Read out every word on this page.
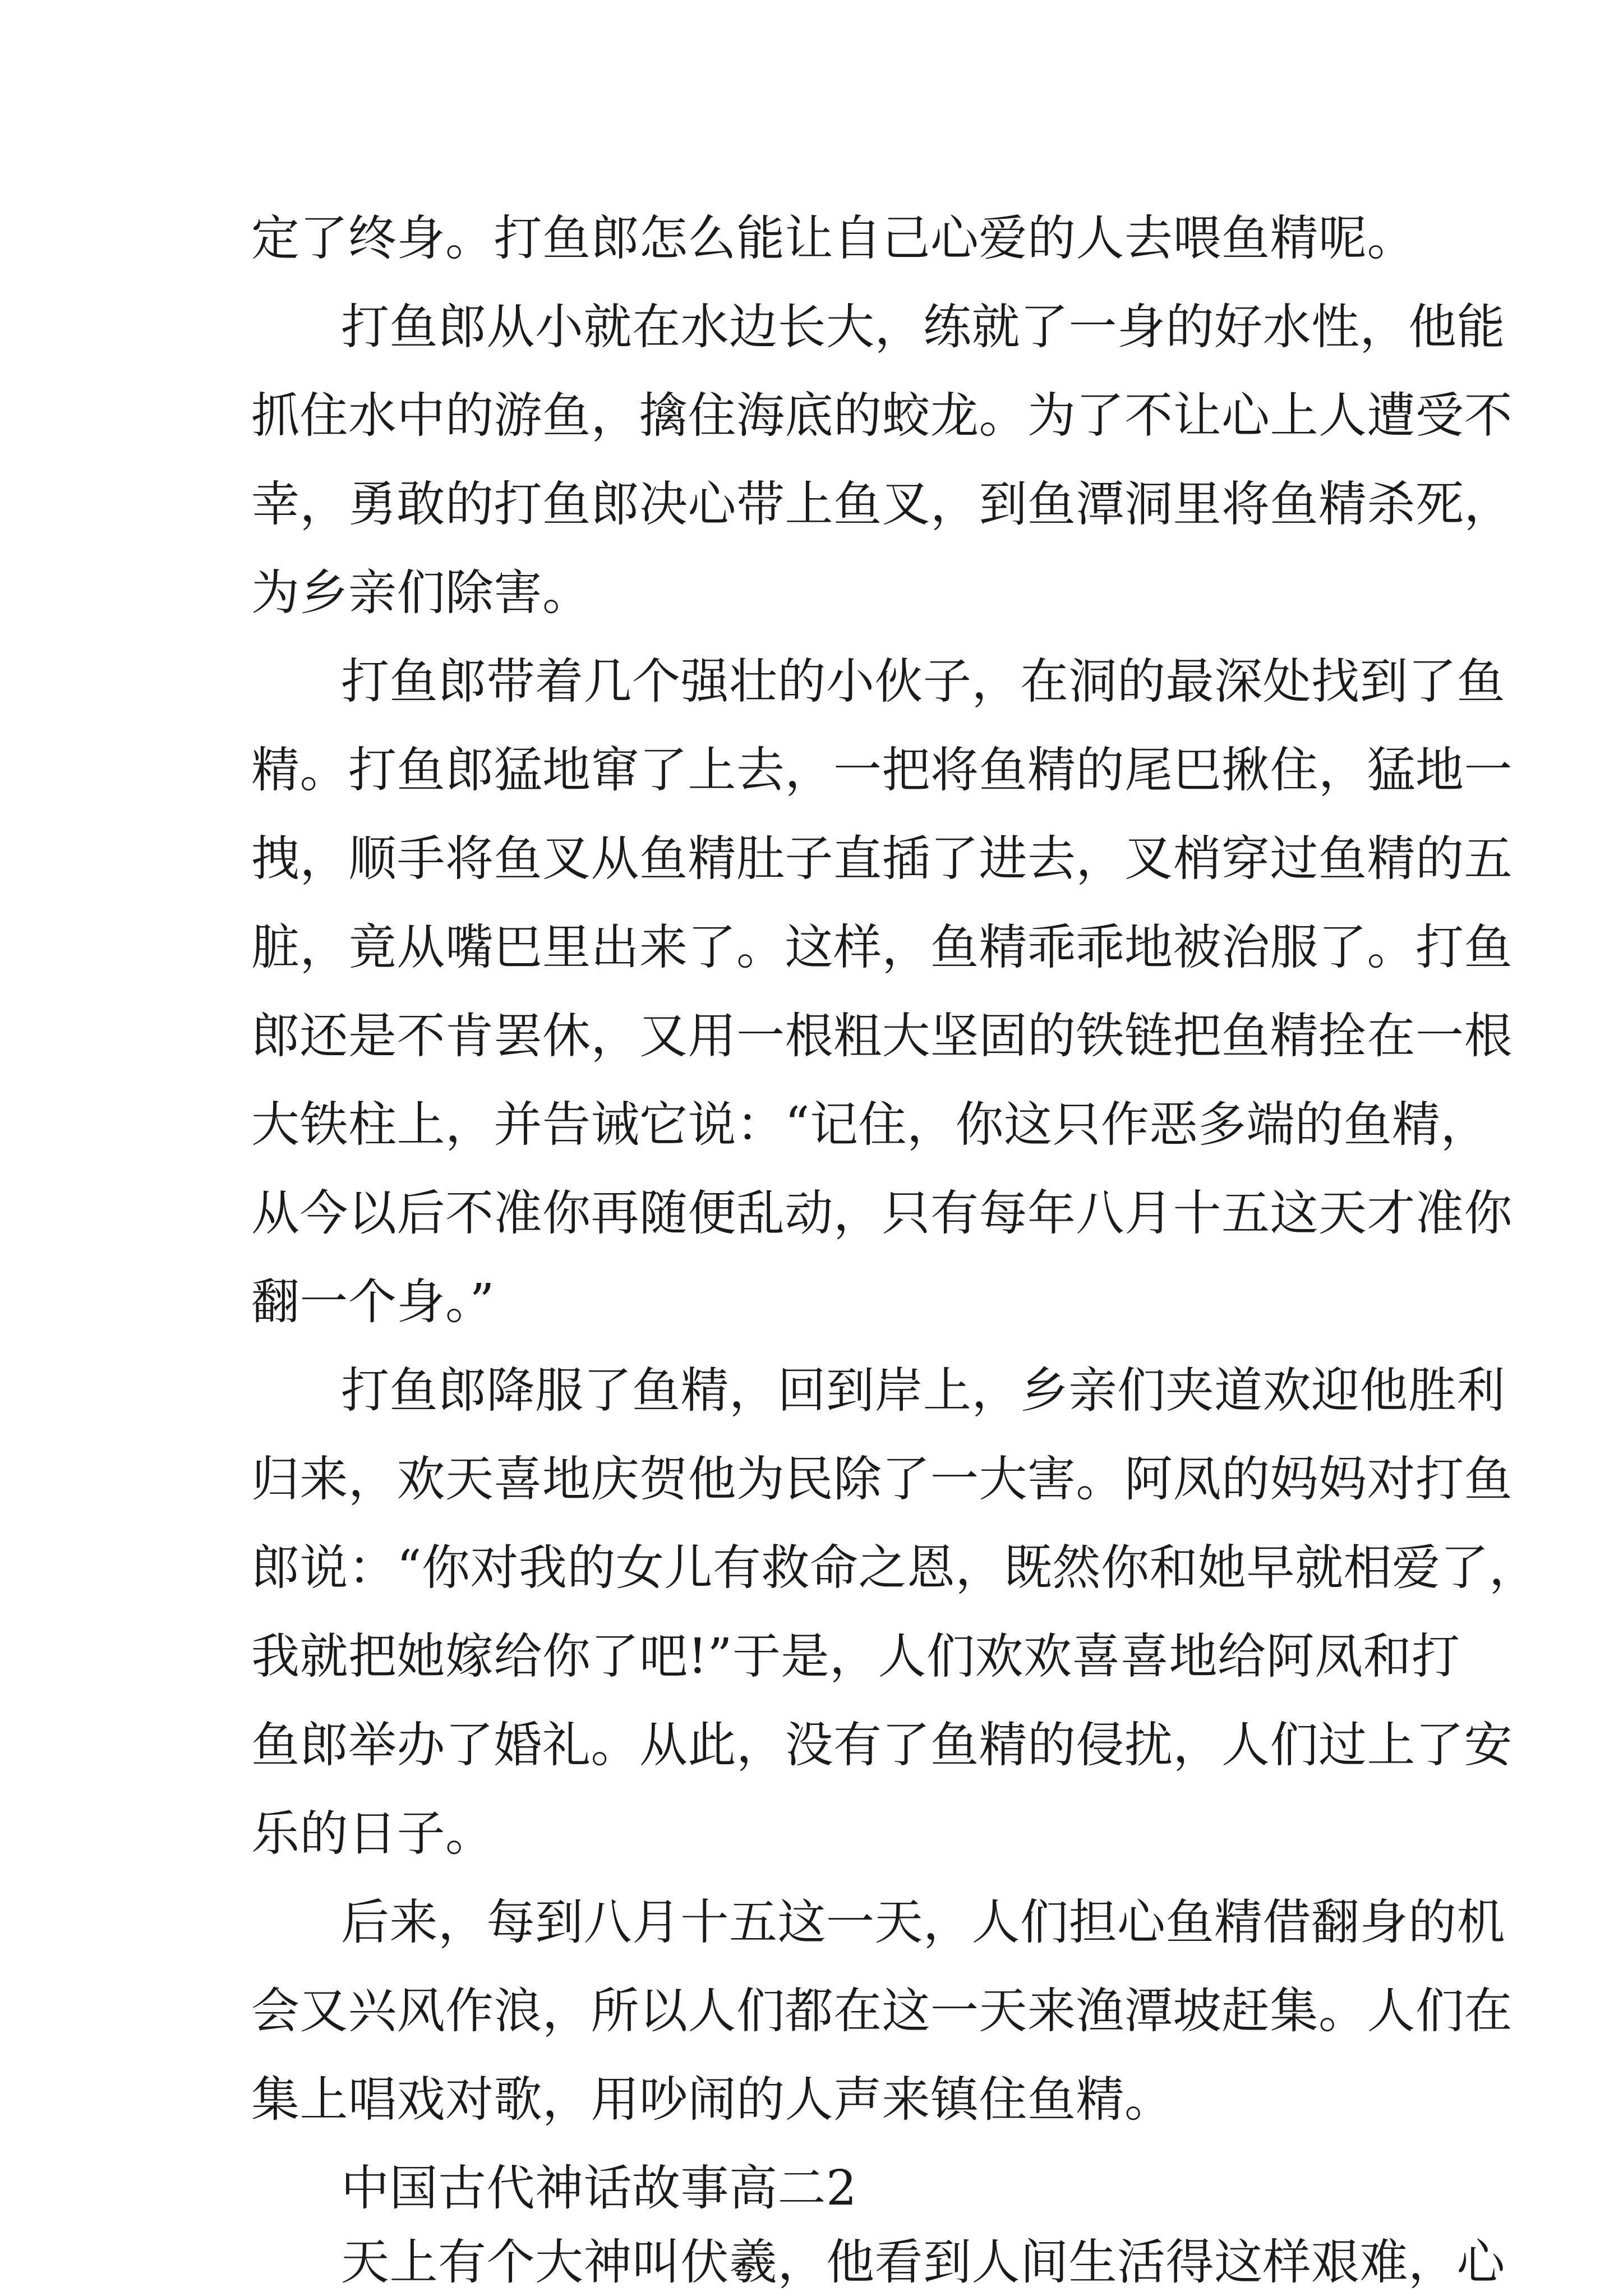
定了终身。打鱼郎怎么能让自己心爱的人去喂鱼精呢。
打鱼郎从小就在水边长大，练就了一身的好水性，他能
抓住水中的游鱼，擒住海底的蛟龙。为了不让心上人遭受不
幸，勇敢的打鱼郎决心带上鱼叉，到鱼潭洞里将鱼精杀死，
为乡亲们除害。
打鱼郎带着几个强壮的小伙子，在洞的最深处找到了鱼
精。打鱼郎猛地窜了上去，一把将鱼精的尾巴揪住，猛地一
拽，顺手将鱼叉从鱼精肚子直插了进去，叉梢穿过鱼精的五
脏，竟从嘴巴里出来了。这样，鱼精乖乖地被治服了。打鱼
郎还是不肯罢休，又用一根粗大坚固的铁链把鱼精拴在一根
大铁柱上，并告诫它说：“记住，你这只作恶多端的鱼精，
从今以后不准你再随便乱动，只有每年八月十五这天才准你
翻一个身。”
打鱼郎降服了鱼精，回到岸上，乡亲们夹道欢迎他胜利
归来，欢天喜地庆贺他为民除了一大害。阿凤的妈妈对打鱼
郎说：“你对我的女儿有救命之恩，既然你和她早就相爱了，
我就把她嫁给你了吧!”于是，人们欢欢喜喜地给阿凤和打
鱼郎举办了婚礼。从此，没有了鱼精的侵扰，人们过上了安
乐的日子。
后来，每到八月十五这一天，人们担心鱼精借翻身的机
会又兴风作浪，所以人们都在这一天来渔潭坡赶集。人们在
集上唱戏对歌，用吵闹的人声来镇住鱼精。
中国古代神话故事高二2
天上有个大神叫伏羲，他看到人间生活得这样艰难，心
